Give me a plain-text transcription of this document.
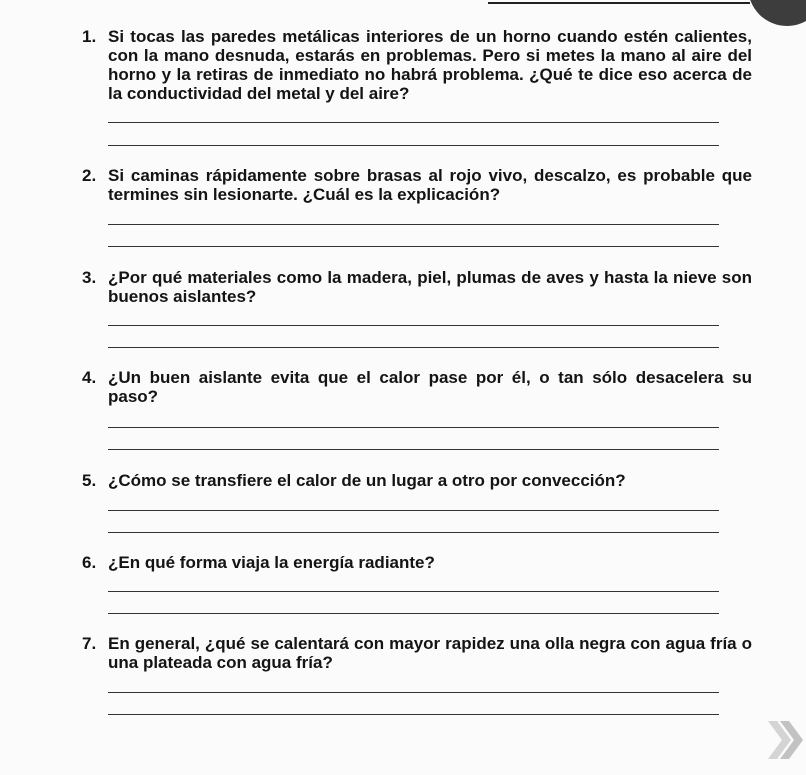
1. Si tocas las paredes metálicas interiores de un horno cuando estén calientes, con la mano desnuda, estarás en problemas. Pero si metes la mano al aire del horno y la retiras de inmediato no habrá problema. ¿Qué te dice eso acerca de la conductividad del metal y del aire?
2. Si caminas rápidamente sobre brasas al rojo vivo, descalzo, es probable que termines sin lesionarte. ¿Cuál es la explicación?
3. ¿Por qué materiales como la madera, piel, plumas de aves y hasta la nieve son buenos aislantes?
4. ¿Un buen aislante evita que el calor pase por él, o tan sólo desacelera su paso?
5. ¿Cómo se transfiere el calor de un lugar a otro por convección?
6. ¿En qué forma viaja la energía radiante?
7. En general, ¿qué se calentará con mayor rapidez una olla negra con agua fría o una plateada con agua fría?
